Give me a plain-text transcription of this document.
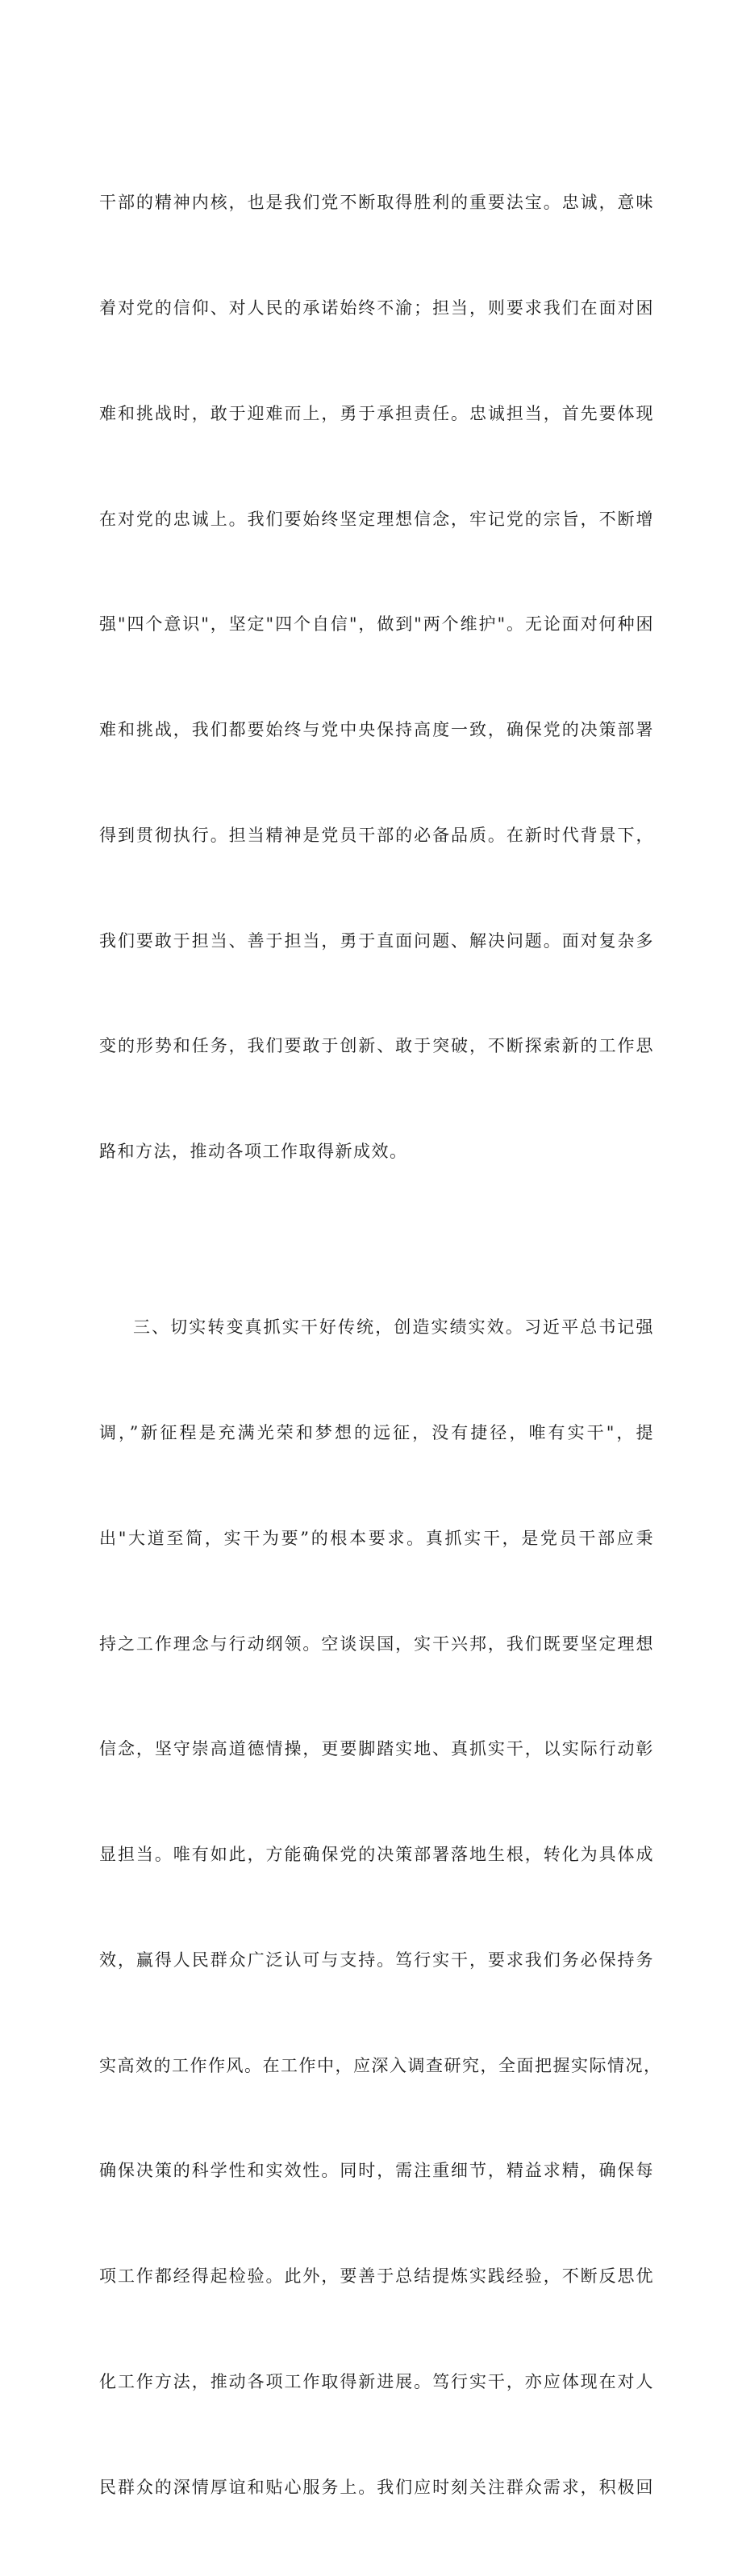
干部的精神内核，也是我们党不断取得胜利的重要法宝。忠诚，意味

着对党的信仰、对人民的承诺始终不渝；担当，则要求我们在面对困

难和挑战时，敢于迎难而上，勇于承担责任。忠诚担当，首先要体现

在对党的忠诚上。我们要始终坚定理想信念，牢记党的宗旨，不断增

强"四个意识"，坚定"四个自信"，做到"两个维护"。无论面对何种困

难和挑战，我们都要始终与党中央保持高度一致，确保党的决策部署

得到贯彻执行。担当精神是党员干部的必备品质。在新时代背景下，

我们要敢于担当、善于担当，勇于直面问题、解决问题。面对复杂多

变的形势和任务，我们要敢于创新、敢于突破，不断探索新的工作思

路和方法，推动各项工作取得新成效。

三、切实转变真抓实干好传统，创造实绩实效。习近平总书记强

调，”新征程是充满光荣和梦想的远征，没有捷径，唯有实干"，提

出"大道至简，实干为要”的根本要求。真抓实干，是党员干部应秉

持之工作理念与行动纲领。空谈误国，实干兴邦，我们既要坚定理想

信念，坚守崇高道德情操，更要脚踏实地、真抓实干，以实际行动彰

显担当。唯有如此，方能确保党的决策部署落地生根，转化为具体成

效，赢得人民群众广泛认可与支持。笃行实干，要求我们务必保持务

实高效的工作作风。在工作中，应深入调查研究，全面把握实际情况，

确保决策的科学性和实效性。同时，需注重细节，精益求精，确保每

项工作都经得起检验。此外，要善于总结提炼实践经验，不断反思优

化工作方法，推动各项工作取得新进展。笃行实干，亦应体现在对人

民群众的深情厚谊和贴心服务上。我们应时刻关注群众需求，积极回
